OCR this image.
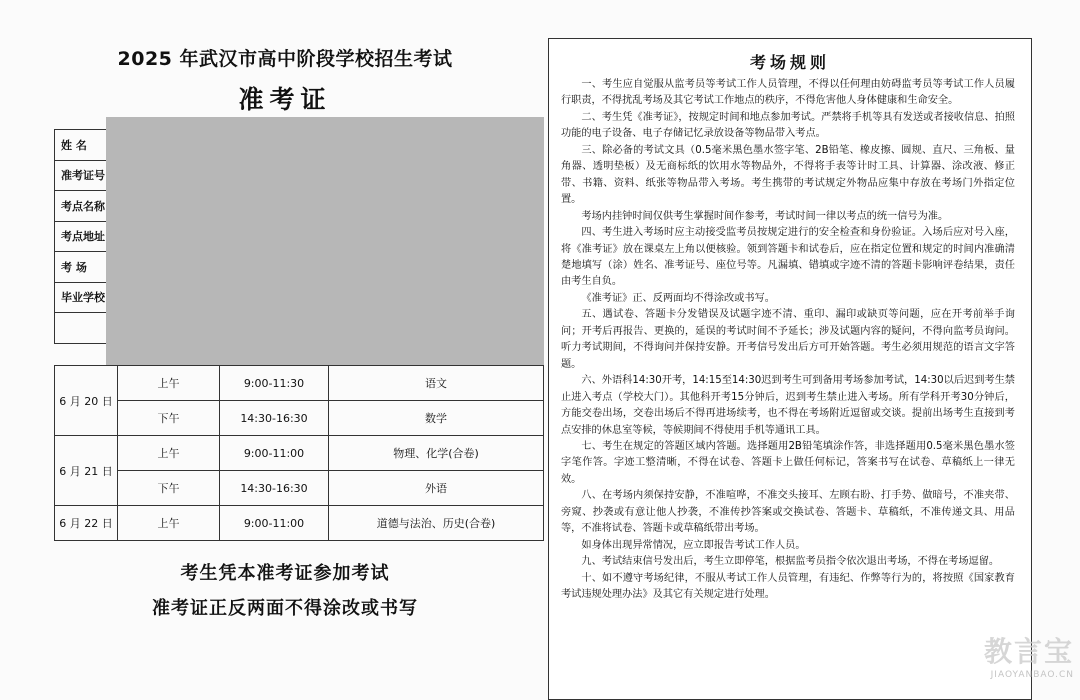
2025 年武汉市高中阶段学校招生考试
准考证
姓 名	
准考证号	
考点名称	
考点地址	
考 场	
毕业学校	

6 月 20 日	上午	9:00-11:30	语文
	下午	14:30-16:30	数学
6 月 21 日	上午	9:00-11:00	物理、化学(合卷)
	下午	14:30-16:30	外语
6 月 22 日	上午	9:00-11:00	道德与法治、历史(合卷)
考生凭本准考证参加考试
准考证正反两面不得涂改或书写
考场规则

一、考生应自觉服从监考员等考试工作人员管理，不得以任何理由妨碍监考员等考试工作人员履行职责，不得扰乱考场及其它考试工作地点的秩序，不得危害他人身体健康和生命安全。

二、考生凭《准考证》，按规定时间和地点参加考试。严禁将手机等具有发送或者接收信息、拍照功能的电子设备、电子存储记忆录放设备等物品带入考点。

三、除必备的考试文具（0.5毫米黑色墨水签字笔、2B铅笔、橡皮擦、圆规、直尺、三角板、量角器、透明垫板）及无商标纸的饮用水等物品外，不得将手表等计时工具、计算器、涂改液、修正带、书籍、资料、纸张等物品带入考场。考生携带的考试规定外物品应集中存放在考场门外指定位置。

考场内挂钟时间仅供考生掌握时间作参考，考试时间一律以考点的统一信号为准。

四、考生进入考场时应主动接受监考员按规定进行的安全检查和身份验证。入场后应对号入座，将《准考证》放在课桌左上角以便核验。领到答题卡和试卷后，应在指定位置和规定的时间内准确清楚地填写（涂）姓名、准考证号、座位号等。凡漏填、错填或字迹不清的答题卡影响评卷结果，责任由考生自负。

《准考证》正、反两面均不得涂改或书写。

五、遇试卷、答题卡分发错误及试题字迹不清、重印、漏印或缺页等问题，应在开考前举手询问；开考后再报告、更换的，延误的考试时间不予延长；涉及试题内容的疑问，不得向监考员询问。听力考试期间，不得询问并保持安静。开考信号发出后方可开始答题。考生必须用规范的语言文字答题。

六、外语科14:30开考，14:15至14:30迟到考生可到备用考场参加考试，14:30以后迟到考生禁止进入考点（学校大门）。其他科开考15分钟后，迟到考生禁止进入考场。所有学科开考30分钟后，方能交卷出场，交卷出场后不得再进场续考，也不得在考场附近逗留或交谈。提前出场考生直接到考点安排的休息室等候，等候期间不得使用手机等通讯工具。

七、考生在规定的答题区域内答题。选择题用2B铅笔填涂作答，非选择题用0.5毫米黑色墨水签字笔作答。字迹工整清晰，不得在试卷、答题卡上做任何标记，答案书写在试卷、草稿纸上一律无效。

八、在考场内须保持安静，不准喧哗，不准交头接耳、左顾右盼、打手势、做暗号，不准夹带、旁窥、抄袭或有意让他人抄袭，不准传抄答案或交换试卷、答题卡、草稿纸，不准传递文具、用品等，不准将试卷、答题卡或草稿纸带出考场。

如身体出现异常情况，应立即报告考试工作人员。

九、考试结束信号发出后，考生立即停笔，根据监考员指令依次退出考场，不得在考场逗留。

十、如不遵守考场纪律，不服从考试工作人员管理，有违纪、作弊等行为的，将按照《国家教育考试违规处理办法》及其它有关规定进行处理。

教言宝
JIAOYANBAO.CN
